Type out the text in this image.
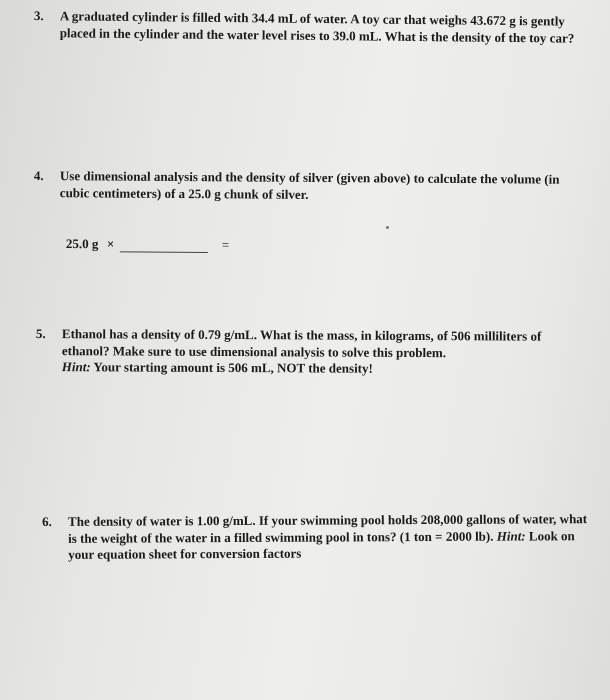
3. A graduated cylinder is filled with 34.4 mL of water. A toy car that weighs 43.672 g is gently
placed in the cylinder and the water level rises to 39.0 mL. What is the density of the toy car?
4. Use dimensional analysis and the density of silver (given above) to calculate the volume (in
cubic centimeters) of a 25.0 g chunk of silver.
25.0 g ×	=
5. Ethanol has a density of 0.79 g/mL. What is the mass, in kilograms, of 506 milliliters of
ethanol? Make sure to use dimensional analysis to solve this problem.
Hint: Your starting amount is 506 mL, NOT the density!
6. The density of water is 1.00 g/mL. If your swimming pool holds 208,000 gallons of water, what
is the weight of the water in a filled swimming pool in tons? (1 ton = 2000 lb). Hint: Look on
your equation sheet for conversion factors
